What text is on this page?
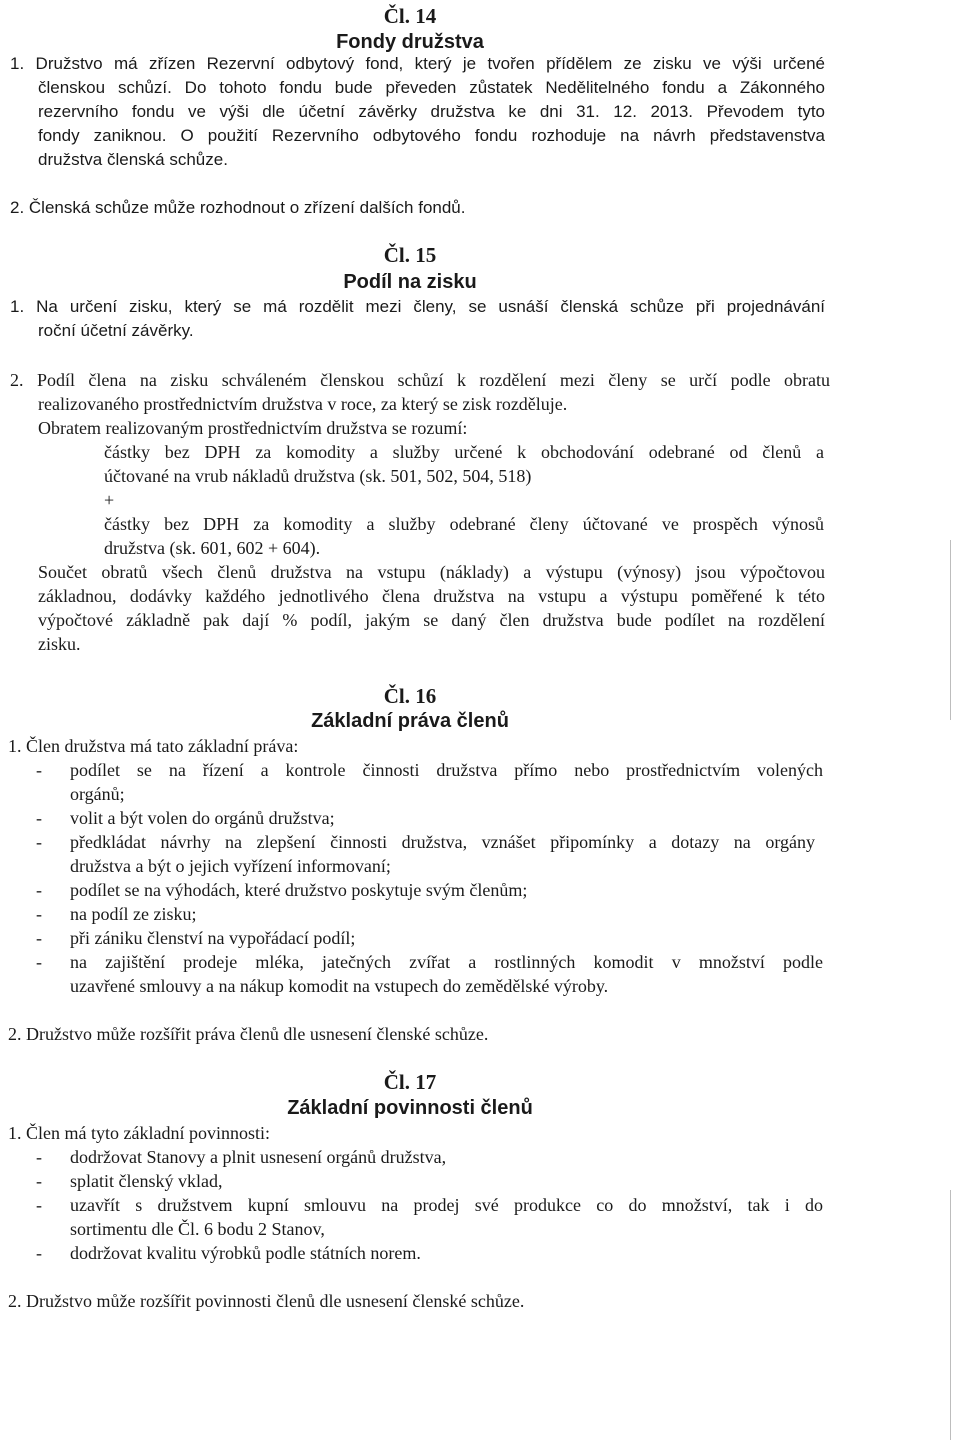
Čl. 14
Fondy družstva
1. Družstvo má zřízen Rezervní odbytový fond, který je tvořen přídělem ze zisku ve výši určené
členskou schůzí. Do tohoto fondu bude převeden zůstatek Nedělitelného fondu a Zákonného
rezervního fondu ve výši dle účetní závěrky družstva ke dni 31. 12. 2013. Převodem tyto
fondy zaniknou. O použití Rezervního odbytového fondu rozhoduje na návrh představenstva
družstva členská schůze.
2. Členská schůze může rozhodnout o zřízení dalších fondů.
Čl. 15
Podíl na zisku
1. Na určení zisku, který se má rozdělit mezi členy, se usnáší členská schůze při projednávání
roční účetní závěrky.
2. Podíl člena na zisku schváleném členskou schůzí k rozdělení mezi členy se určí podle obratu
realizovaného prostřednictvím družstva v roce, za který se zisk rozděluje.
Obratem realizovaným prostřednictvím družstva se rozumí:
částky bez DPH za komodity a služby určené k obchodování odebrané od členů a
účtované na vrub nákladů družstva (sk. 501, 502, 504, 518)
+
částky bez DPH za komodity a služby odebrané členy účtované ve prospěch výnosů
družstva (sk. 601, 602 + 604).
Součet obratů všech členů družstva na vstupu (náklady) a výstupu (výnosy) jsou výpočtovou
základnou, dodávky každého jednotlivého člena družstva na vstupu a výstupu poměřené k této
výpočtové základně pak dají % podíl, jakým se daný člen družstva bude podílet na rozdělení
zisku.
Čl. 16
Základní práva členů
1. Člen družstva má tato základní práva:
- podílet se na řízení a kontrole činnosti družstva přímo nebo prostřednictvím volených
orgánů;
- volit a být volen do orgánů družstva;
- předkládat návrhy na zlepšení činnosti družstva, vznášet připomínky a dotazy na orgány
družstva a být o jejich vyřízení informovaní;
- podílet se na výhodách, které družstvo poskytuje svým členům;
- na podíl ze zisku;
- při zániku členství na vypořádací podíl;
- na zajištění prodeje mléka, jatečných zvířat a rostlinných komodit v množství podle
uzavřené smlouvy a na nákup komodit na vstupech do zemědělské výroby.
2. Družstvo může rozšířit práva členů dle usnesení členské schůze.
Čl. 17
Základní povinnosti členů
1. Člen má tyto základní povinnosti:
- dodržovat Stanovy a plnit usnesení orgánů družstva,
- splatit členský vklad,
- uzavřít s družstvem kupní smlouvu na prodej své produkce co do množství, tak i do
sortimentu dle Čl. 6 bodu 2 Stanov,
- dodržovat kvalitu výrobků podle státních norem.
2. Družstvo může rozšířit povinnosti členů dle usnesení členské schůze.
